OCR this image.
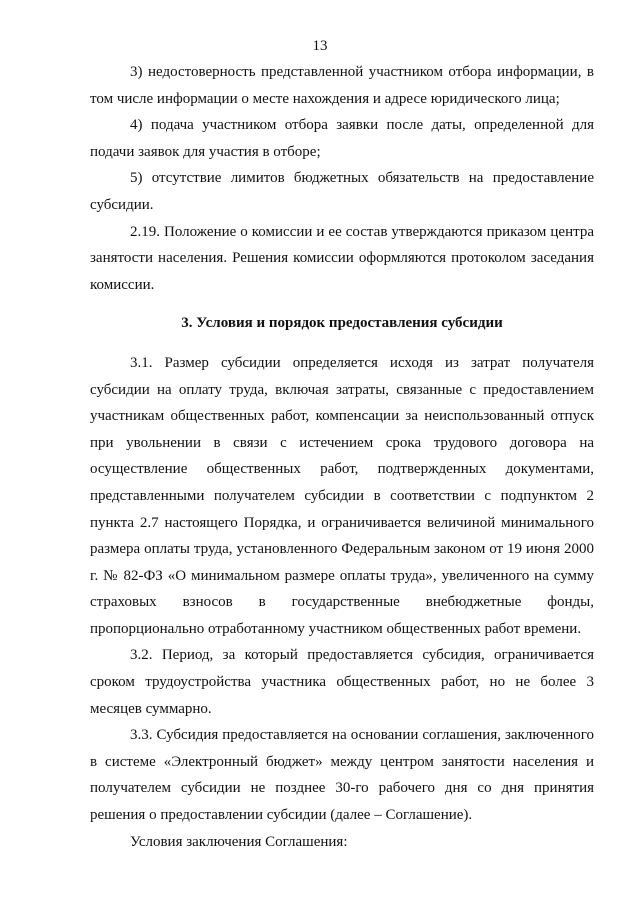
13

3) недостоверность представленной участником отбора информации, в том числе информации о месте нахождения и адресе юридического лица;

4) подача участником отбора заявки после даты, определенной для подачи заявок для участия в отборе;

5) отсутствие лимитов бюджетных обязательств на предоставление субсидии.

2.19. Положение о комиссии и ее состав утверждаются приказом центра занятости населения. Решения комиссии оформляются протоколом заседания комиссии.

3. Условия и порядок предоставления субсидии

3.1. Размер субсидии определяется исходя из затрат получателя субсидии на оплату труда, включая затраты, связанные с предоставлением участникам общественных работ, компенсации за неиспользованный отпуск при увольнении в связи с истечением срока трудового договора на осуществление общественных работ, подтвержденных документами, представленными получателем субсидии в соответствии с подпунктом 2 пункта 2.7 настоящего Порядка, и ограничивается величиной минимального размера оплаты труда, установленного Федеральным законом от 19 июня 2000 г. № 82-ФЗ «О минимальном размере оплаты труда», увеличенного на сумму страховых взносов в государственные внебюджетные фонды, пропорционально отработанному участником общественных работ времени.

3.2. Период, за который предоставляется субсидия, ограничивается сроком трудоустройства участника общественных работ, но не более 3 месяцев суммарно.

3.3. Субсидия предоставляется на основании соглашения, заключенного в системе «Электронный бюджет» между центром занятости населения и получателем субсидии не позднее 30-го рабочего дня со дня принятия решения о предоставлении субсидии (далее – Соглашение).

Условия заключения Соглашения:
